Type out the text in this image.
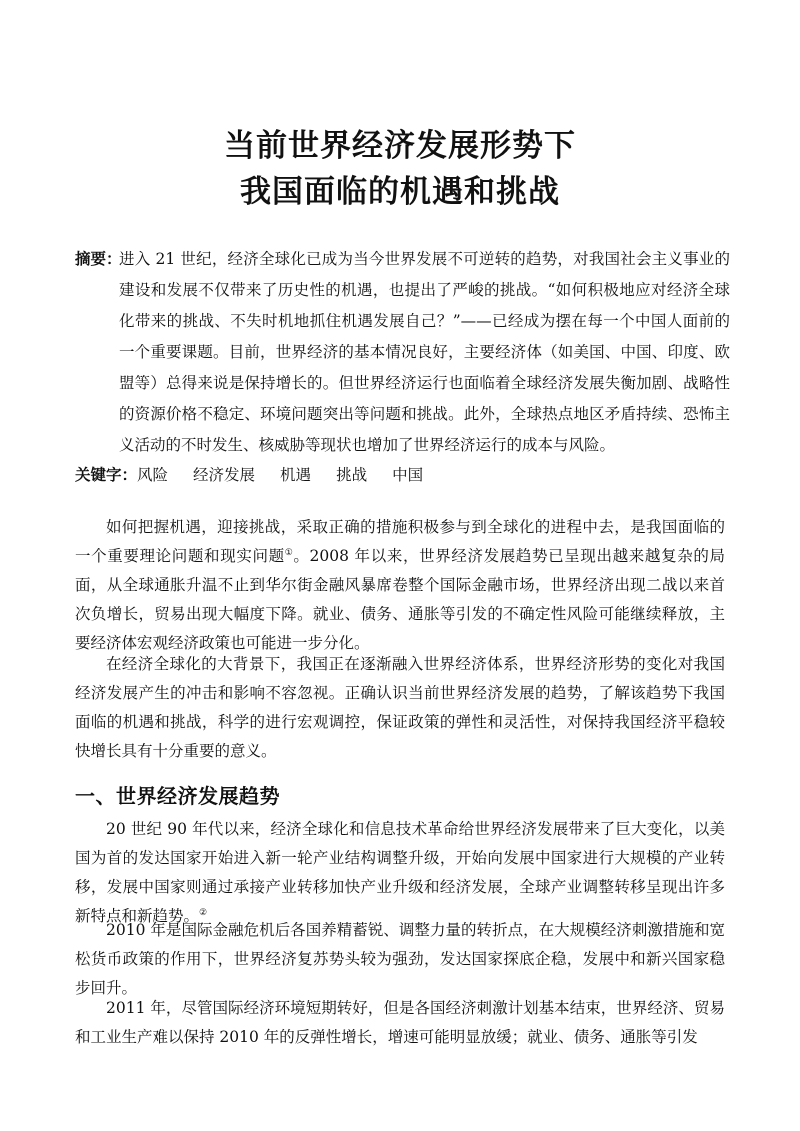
当前世界经济发展形势下
我国面临的机遇和挑战
摘要：
进入 21 世纪，经济全球化已成为当今世界发展不可逆转的趋势，对我国社会主义事业的建设和发展不仅带来了历史性的机遇，也提出了严峻的挑战。“如何积极地应对经济全球化带来的挑战、不失时机地抓住机遇发展自己？”——已经成为摆在每一个中国人面前的一个重要课题。目前，世界经济的基本情况良好，主要经济体（如美国、中国、印度、欧盟等）总得来说是保持增长的。但世界经济运行也面临着全球经济发展失衡加剧、战略性的资源价格不稳定、环境问题突出等问题和挑战。此外，全球热点地区矛盾持续、恐怖主义活动的不时发生、核威胁等现状也增加了世界经济运行的成本与风险。
关键字：风险 经济发展 机遇 挑战 中国
如何把握机遇，迎接挑战，采取正确的措施积极参与到全球化的进程中去，是我国面临的一个重要理论问题和现实问题①。2008 年以来，世界经济发展趋势已呈现出越来越复杂的局面，从全球通胀升温不止到华尔街金融风暴席卷整个国际金融市场，世界经济出现二战以来首次负增长，贸易出现大幅度下降。就业、债务、通胀等引发的不确定性风险可能继续释放，主要经济体宏观经济政策也可能进一步分化。
在经济全球化的大背景下，我国正在逐渐融入世界经济体系，世界经济形势的变化对我国经济发展产生的冲击和影响不容忽视。正确认识当前世界经济发展的趋势，了解该趋势下我国面临的机遇和挑战，科学的进行宏观调控，保证政策的弹性和灵活性，对保持我国经济平稳较快增长具有十分重要的意义。
一、世界经济发展趋势
20 世纪 90 年代以来，经济全球化和信息技术革命给世界经济发展带来了巨大变化，以美国为首的发达国家开始进入新一轮产业结构调整升级，开始向发展中国家进行大规模的产业转移，发展中国家则通过承接产业转移加快产业升级和经济发展，全球产业调整转移呈现出许多新特点和新趋势。②
2010 年是国际金融危机后各国养精蓄锐、调整力量的转折点，在大规模经济刺激措施和宽松货币政策的作用下，世界经济复苏势头较为强劲，发达国家探底企稳，发展中和新兴国家稳步回升。
2011 年，尽管国际经济环境短期转好，但是各国经济刺激计划基本结束，世界经济、贸易和工业生产难以保持 2010 年的反弹性增长，增速可能明显放缓；就业、债务、通胀等引发
